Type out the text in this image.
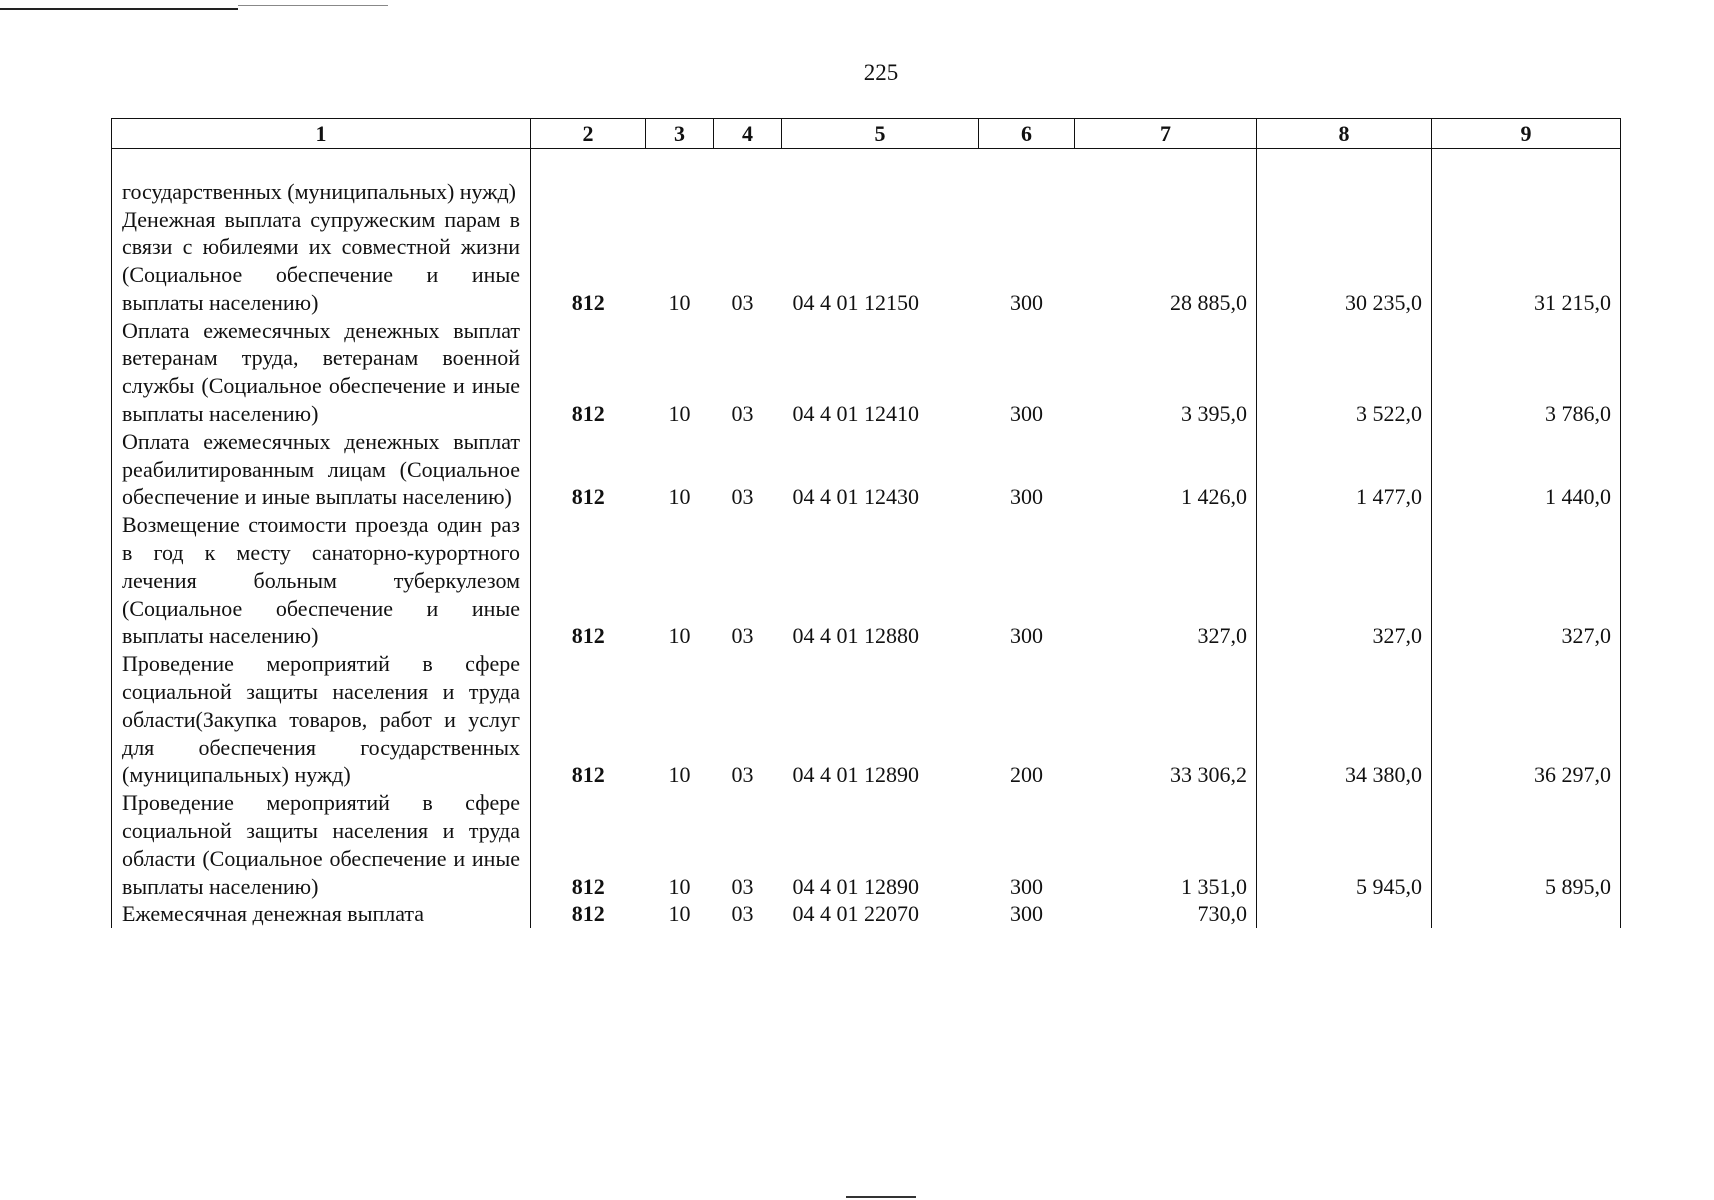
225
1	2	3	4	5	6	7	8	9

государственных (муниципальных) нужд)								

Денежная выплата супружеским парам в связи с юбилеями их совместной жизни (Социальное обеспечение и иные выплаты населению)	812	10	03	04 4 01 12150	300	28 885,0	30 235,0	31 215,0

Оплата ежемесячных денежных выплат ветеранам труда, ветеранам военной службы (Социальное обеспечение и иные выплаты населению)	812	10	03	04 4 01 12410	300	3 395,0	3 522,0	3 786,0

Оплата ежемесячных денежных выплат реабилитированным лицам (Социальное обеспечение и иные выплаты населению)	812	10	03	04 4 01 12430	300	1 426,0	1 477,0	1 440,0

Возмещение стоимости проезда один раз в год к месту санаторно-курортного лечения больным туберкулезом (Социальное обеспечение и иные выплаты населению)	812	10	03	04 4 01 12880	300	327,0	327,0	327,0

Проведение мероприятий в сфере социальной защиты населения и труда области(Закупка товаров, работ и услуг для обеспечения государственных (муниципальных) нужд)	812	10	03	04 4 01 12890	200	33 306,2	34 380,0	36 297,0

Проведение мероприятий в сфере социальной защиты населения и труда области (Социальное обеспечение и иные выплаты населению)	812	10	03	04 4 01 12890	300	1 351,0	5 945,0	5 895,0

Ежемесячная денежная выплата	812	10	03	04 4 01 22070	300	730,0		
